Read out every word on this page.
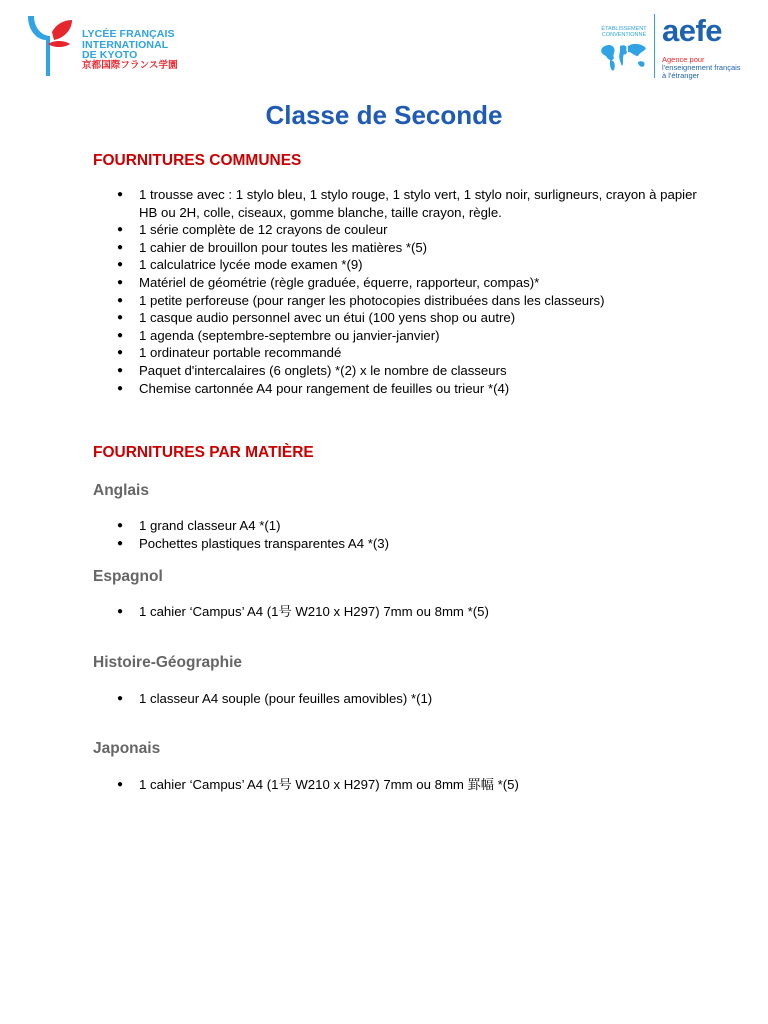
LYCÉE FRANÇAIS
INTERNATIONAL
DE KYOTO
京都国際フランス学園
ÉTABLISSEMENT
CONVENTIONNÉ aefe
Agence pour
l'enseignement français
à l'étranger
Classe de Seconde
FOURNITURES COMMUNES
● 1 trousse avec : 1 stylo bleu, 1 stylo rouge, 1 stylo vert, 1 stylo noir, surligneurs, crayon à papier HB ou 2H, colle, ciseaux, gomme blanche, taille crayon, règle.
● 1 série complète de 12 crayons de couleur
● 1 cahier de brouillon pour toutes les matières *(5)
● 1 calculatrice lycée mode examen *(9)
● Matériel de géométrie (règle graduée, équerre, rapporteur, compas)*
● 1 petite perforeuse (pour ranger les photocopies distribuées dans les classeurs)
● 1 casque audio personnel avec un étui (100 yens shop ou autre)
● 1 agenda (septembre-septembre ou janvier-janvier)
● 1 ordinateur portable recommandé
● Paquet d'intercalaires (6 onglets) *(2) x le nombre de classeurs
● Chemise cartonnée A4 pour rangement de feuilles ou trieur *(4)
FOURNITURES PAR MATIÈRE
Anglais
● 1 grand classeur A4 *(1)
● Pochettes plastiques transparentes A4 *(3)
Espagnol
● 1 cahier ‘Campus’ A4 (1号 W210 x H297) 7mm ou 8mm *(5)
Histoire-Géographie
● 1 classeur A4 souple (pour feuilles amovibles) *(1)
Japonais
● 1 cahier ‘Campus’ A4 (1号 W210 x H297) 7mm ou 8mm 罫幅 *(5)
